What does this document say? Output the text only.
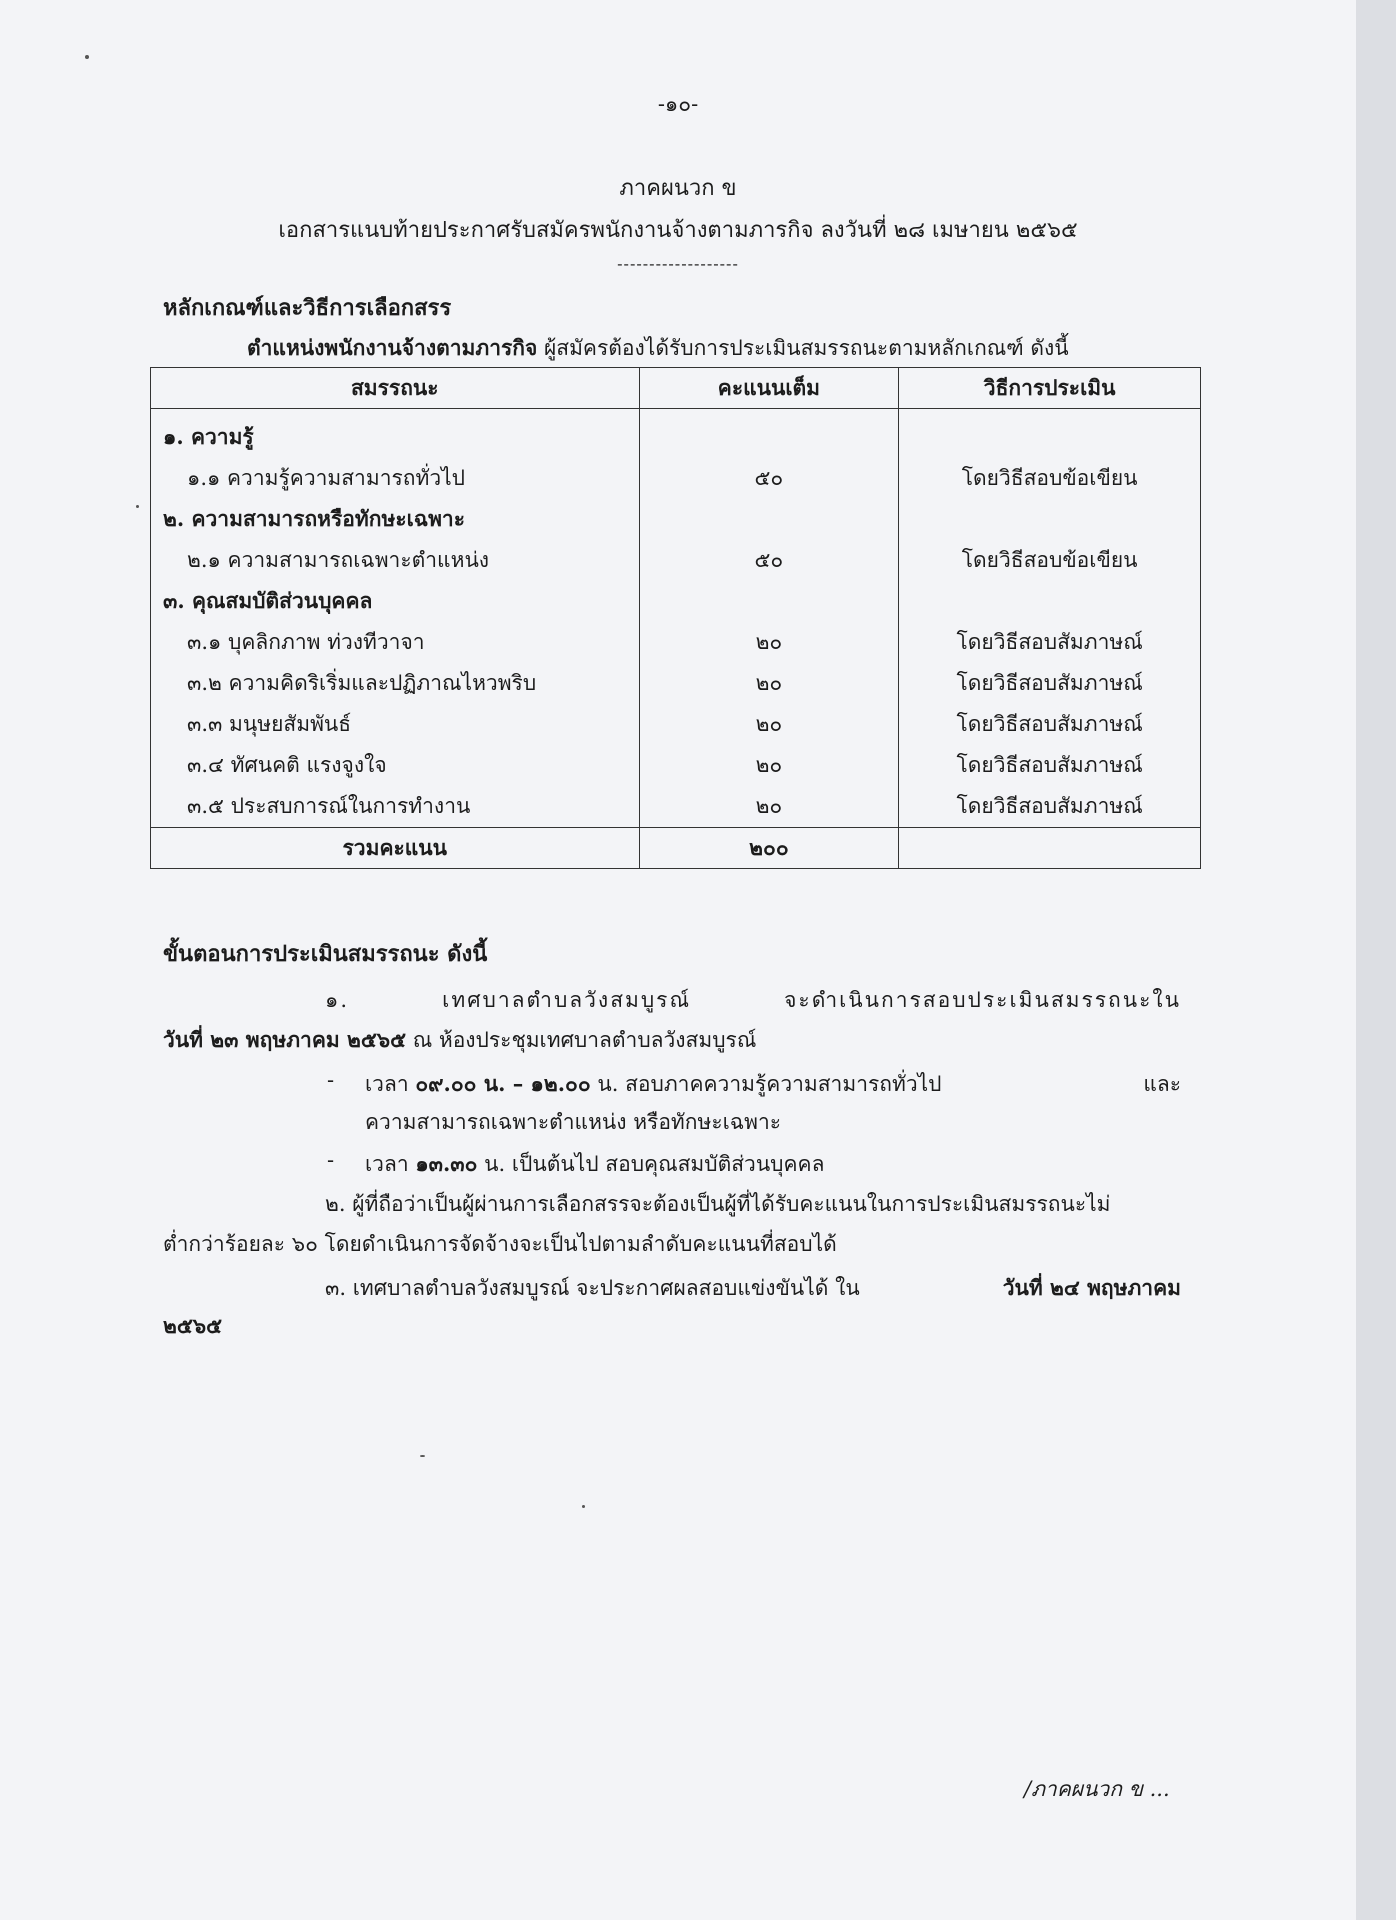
-๑๐-
ภาคผนวก ข
เอกสารแนบท้ายประกาศรับสมัครพนักงานจ้างตามภารกิจ ลงวันที่ ๒๘ เมษายน ๒๕๖๕
-------------------
หลักเกณฑ์และวิธีการเลือกสรร
ตำแหน่งพนักงานจ้างตามภารกิจ ผู้สมัครต้องได้รับการประเมินสมรรถนะตามหลักเกณฑ์ ดังนี้
สมรรถนะ	คะแนนเต็ม	วิธีการประเมิน
๑. ความรู้		
๑.๑ ความรู้ความสามารถทั่วไป	๕๐	โดยวิธีสอบข้อเขียน
๒. ความสามารถหรือทักษะเฉพาะ		
๒.๑ ความสามารถเฉพาะตำแหน่ง	๕๐	โดยวิธีสอบข้อเขียน
๓. คุณสมบัติส่วนบุคคล		
๓.๑ บุคลิกภาพ ท่วงทีวาจา	๒๐	โดยวิธีสอบสัมภาษณ์
๓.๒ ความคิดริเริ่มและปฏิภาณไหวพริบ	๒๐	โดยวิธีสอบสัมภาษณ์
๓.๓ มนุษยสัมพันธ์	๒๐	โดยวิธีสอบสัมภาษณ์
๓.๔ ทัศนคติ แรงจูงใจ	๒๐	โดยวิธีสอบสัมภาษณ์
๓.๕ ประสบการณ์ในการทำงาน	๒๐	โดยวิธีสอบสัมภาษณ์
รวมคะแนน	๒๐๐	
ขั้นตอนการประเมินสมรรถนะ ดังนี้
๑.	เทศบาลตำบลวังสมบูรณ์	จะดำเนินการสอบประเมินสมรรถนะใน
วันที่ ๒๓ พฤษภาคม ๒๕๖๕ ณ ห้องประชุมเทศบาลตำบลวังสมบูรณ์
- เวลา ๐๙.๐๐ น. – ๑๒.๐๐ น. สอบภาคความรู้ความสามารถทั่วไป	และ
ความสามารถเฉพาะตำแหน่ง หรือทักษะเฉพาะ
- เวลา ๑๓.๓๐ น. เป็นต้นไป สอบคุณสมบัติส่วนบุคคล
๒. ผู้ที่ถือว่าเป็นผู้ผ่านการเลือกสรรจะต้องเป็นผู้ที่ได้รับคะแนนในการประเมินสมรรถนะไม่
ต่ำกว่าร้อยละ ๖๐ โดยดำเนินการจัดจ้างจะเป็นไปตามลำดับคะแนนที่สอบได้
๓. เทศบาลตำบลวังสมบูรณ์ จะประกาศผลสอบแข่งขันได้ ใน	วันที่ ๒๔ พฤษภาคม
๒๕๖๕
/ภาคผนวก ข ...
